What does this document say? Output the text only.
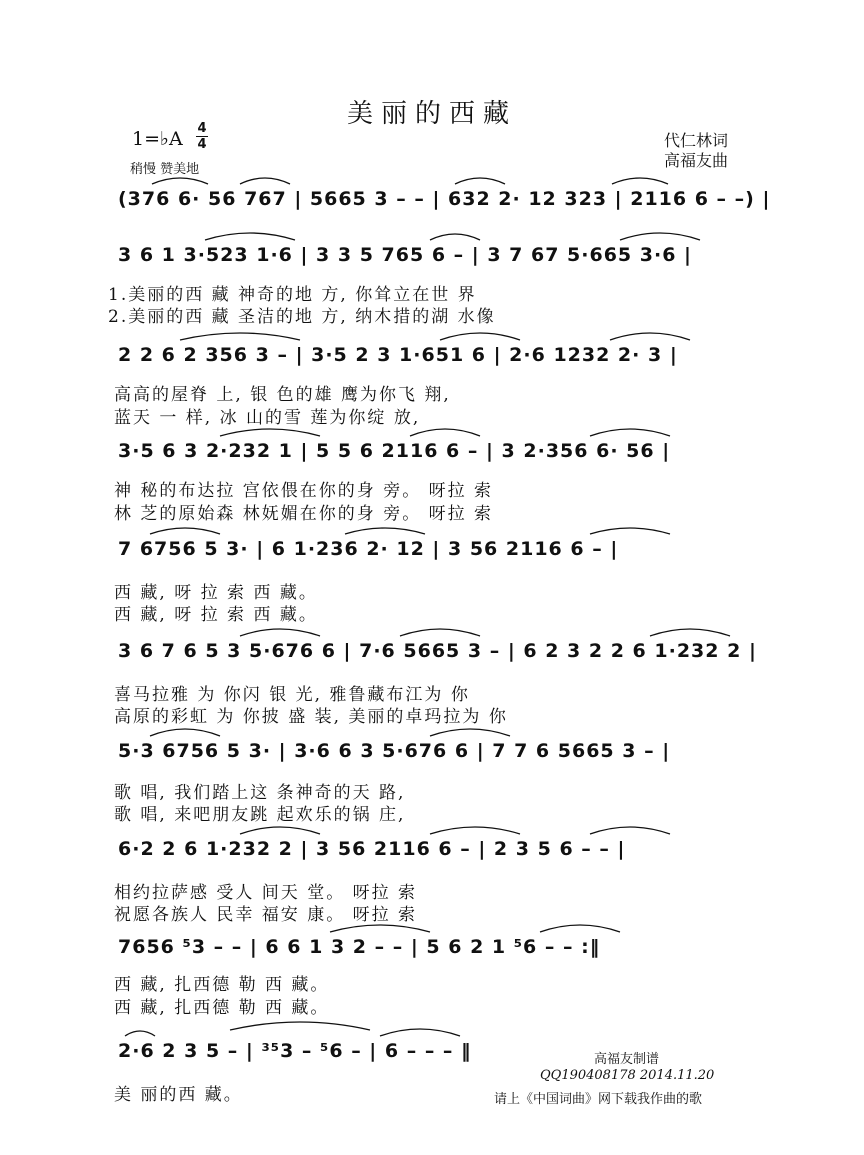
美丽的西藏
1=♭A 4
4
稍慢 赞美地
代仁林词
高福友曲
(376 6· 56 767 | 5665 3 – – | 632 2· 12 323 | 2116 6 – –) |
3 6 1 3·523 1·6 | 3 3 5 765 6 – | 3 7 67 5·665 3·6 |
1.美丽的西 藏 神奇的地 方, 你耸立在世 界
2.美丽的西 藏 圣洁的地 方, 纳木措的湖 水像
2 2 6 2 356 3 – | 3·5 2 3 1·651 6 | 2·6 1232 2· 3 |
高高的屋脊 上, 银 色的雄 鹰为你飞 翔,
蓝天 一 样, 冰 山的雪 莲为你绽 放,
3·5 6 3 2·232 1 | 5 5 6 2116 6 – | 3 2·356 6· 56 |
神 秘的布达拉 宫依偎在你的身 旁。 呀拉 索
林 芝的原始森 林妩媚在你的身 旁。 呀拉 索
7 6756 5 3· | 6 1·236 2· 12 | 3 56 2116 6 – |
西 藏, 呀 拉 索 西 藏。
西 藏, 呀 拉 索 西 藏。
3 6 7 6 5 3 5·676 6 | 7·6 5665 3 – | 6 2 3 2 2 6 1·232 2 |
喜马拉雅 为 你闪 银 光, 雅鲁藏布江为 你
高原的彩虹 为 你披 盛 装, 美丽的卓玛拉为 你
5·3 6756 5 3· | 3·6 6 3 5·676 6 | 7 7 6 5665 3 – |
歌 唱, 我们踏上这 条神奇的天 路,
歌 唱, 来吧朋友跳 起欢乐的锅 庄,
6·2 2 6 1·232 2 | 3 56 2116 6 – | 2 3 5 6 – – |
相约拉萨感 受人 间天 堂。 呀拉 索
祝愿各族人 民幸 福安 康。 呀拉 索
7656 ⁵3 – – | 6 6 1 3 2 – – | 5 6 2 1 ⁵6 – – :‖
西 藏, 扎西德 勒 西 藏。
西 藏, 扎西德 勒 西 藏。
2·6 2 3 5 – | ³⁵3 – ⁵6 – | 6 – – – ‖
美 丽的西 藏。
高福友制谱
QQ190408178 2014.11.20
请上《中国词曲》网下载我作曲的歌
